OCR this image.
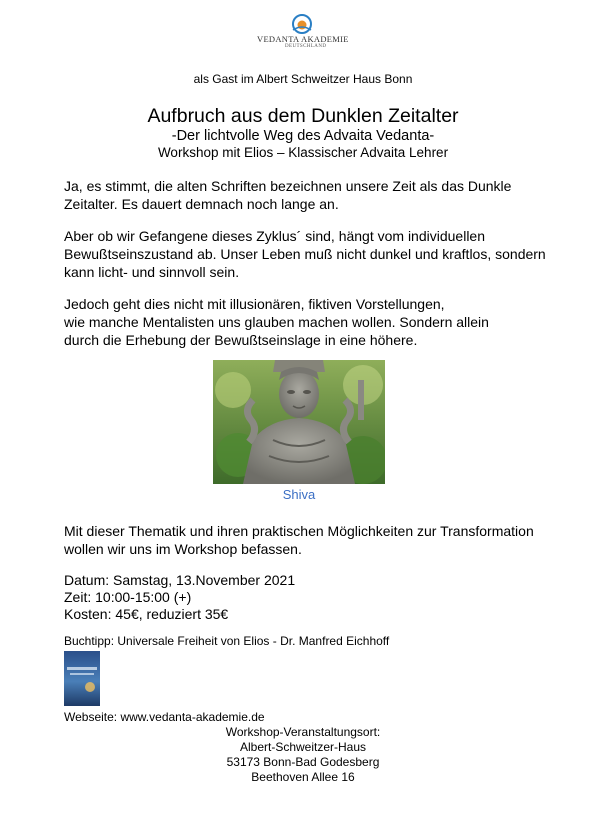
VEDANTA AKADEMIE
DEUTSCHLAND
als Gast im Albert Schweitzer Haus Bonn
Aufbruch aus dem Dunklen Zeitalter
-Der lichtvolle Weg des Advaita Vedanta-
Workshop mit Elios – Klassischer Advaita Lehrer
Ja, es stimmt, die alten Schriften bezeichnen unsere Zeit als das Dunkle Zeitalter. Es dauert demnach noch lange an.
Aber ob wir Gefangene dieses Zyklus´ sind, hängt vom individuellen Bewußtseinszustand ab. Unser Leben muß nicht dunkel und kraftlos, sondern kann licht- und sinnvoll sein.
Jedoch geht dies nicht mit illusionären, fiktiven Vorstellungen,
wie manche Mentalisten uns glauben machen wollen. Sondern allein
durch die Erhebung der Bewußtseinslage in eine höhere.
Shiva
Mit dieser Thematik und ihren praktischen Möglichkeiten zur Transformation wollen wir uns im Workshop befassen.
Datum: Samstag, 13.November 2021
Zeit: 10:00-15:00 (+)
Kosten: 45€, reduziert 35€
Buchtipp: Universale Freiheit von Elios - Dr. Manfred Eichhoff
Webseite: www.vedanta-akademie.de
Workshop-Veranstaltungsort:
Albert-Schweitzer-Haus
53173 Bonn-Bad Godesberg
Beethoven Allee 16
